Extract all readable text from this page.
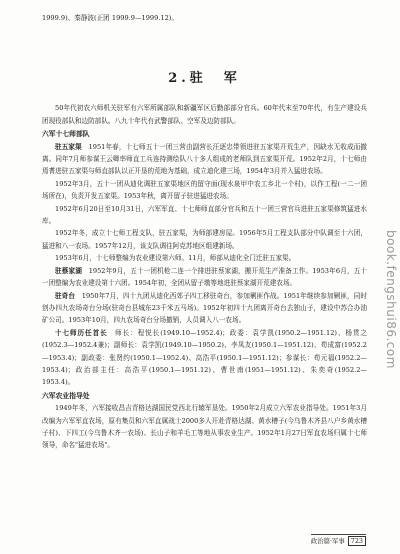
1999.9)、秦静波(正团 1999.9—1999.12)。

2.驻　军

50年代初农六师机关驻军有六军所属部队和新疆军区后勤部部分官兵。60年代末至70年代，有生产建设兵团现役部队和边防部队。八九十年代有武警部队、空军及边防部队。

六军十七师部队

驻五家渠　 1951年春，十七师五十一团三营由副营长汪逐忠带领进驻五家渠开荒生产，因缺水无收成而撤离。同年7月师参谋王云卿率师直工兵连持测绘队八十多人组成的老师队到五家渠开荒。1952年2月，十七师由焉耆进驻五家渠与师直部队以正开垦的荒地为基础，成立迪化建三场，1954年3月并入猛进农场。

1952年3月，五十一团从迪化调驻五家渠地区的留守面(现水泉甲中农工乡北一个村)，以作工程(一二一团场所在)，负责开发五家渠。1953年秋，离开留子驻进猛进农场。

1952年6月20日至10月31日，六军军直、十七师师直部分官兵和五十一团三营官兵进驻五家渠修筑猛进水库。

1952年冬，成立十七师工程支队，驻五家渠，为师部建房屋。1956年5月工程支队部分中队调至十六团，猛进和八一农场。1957年12月，该支队调往阿克苏地区组建新场。

1953年6月，十七师整编为农业建设第六师。11月，师部从迪化全门迁驻五家渠。

驻蔡家湖　 1952年9月，五十一团机枪二连一个排进驻蔡家湖，搬开荒生产准备工作。1953年6月，五十一团整编为农业建设第十六团。1954年初，全团从留子墩等地进驻蔡家湖开荒建农场。

驻奇台　 1950年7月，四十九团从迪化西郊子四工移驻奇台，参加剿匪作战。1951年继续参加剿匪，同时创办四九农场奇台分场(驻奇台县城东23千米五马场)。1952年初四十九团离开奇台去独山子，建设中苏合办油矿公司。1953年10月，四九农场奇台分场撤销，人员调入八一农场。

十七师历任首长　 师长：程悦长(1949.10—1952.4)；政委：袁学凯(1950.2—1951.12)、杨贯之(1952.3—1952.4兼)；副师长：袁学凯(1949.10—1950.2)、李凤友(1950.1—1951.12)、苟成富(1952.2—1953.4)；副政委：张贤约(1950.1—1952.4)、高浩平(1950.1—1951.12)；参谋长：苟元福(1952.2—1953.4)；政治部主任：高浩平(1950.1—1951.12)、曹世南(1951—1951.12)、朱奕奇(1952.2—1953.4)。

六军农业指导处

1949年冬，六军接收昌吉青格达湖国民党西北行辕军垦处。1950年2月成立六军农业指导处。1951年3月改编为六军军直农场，原有集员和六军直属战士2000多人开赴青格达湖、黄水槽子(今乌鲁木齐县八户乡黄水槽子村)、下四工(今乌鲁木齐一农场)、长山子和羊毛工等地从事农业生产。1952年1月27日军直农场归属十七师领导，命名"猛进农场"。

book.fengshui86.com
政治篇·军事 723
